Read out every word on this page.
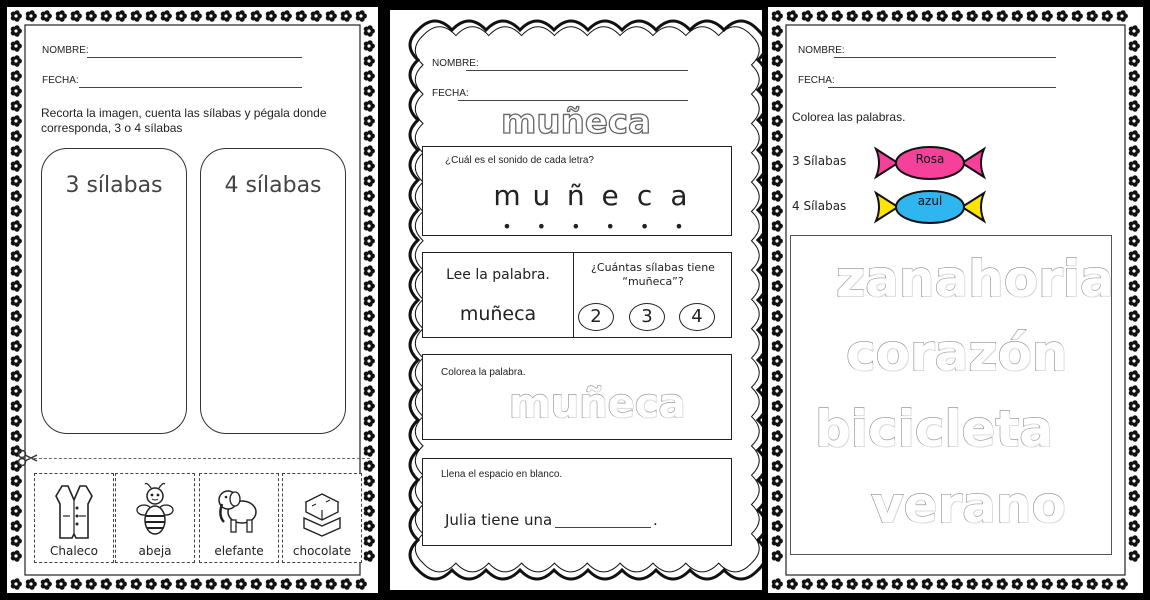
NOMBRE:
FECHA:
Recorta la imagen, cuenta las sílabas y pégala donde corresponda, 3 o 4 sílabas
3 sílabas	4 sílabas
Chaleco	abeja	elefante	chocolate
NOMBRE:
FECHA:
muñeca
¿Cuál es el sonido de cada letra?
m u ñ e c a
•	•	•	•	•	•
Lee la palabra.
muñeca
¿Cuántas sílabas tiene
“muñeca”?
2	3	4
Colorea la palabra.
muñeca
Llena el espacio en blanco.
Julia tiene una	.
NOMBRE:
FECHA:
Colorea las palabras.
3 Sílabas
4 Sílabas
Rosa
azul
zanahoria
corazón
bicicleta
verano
